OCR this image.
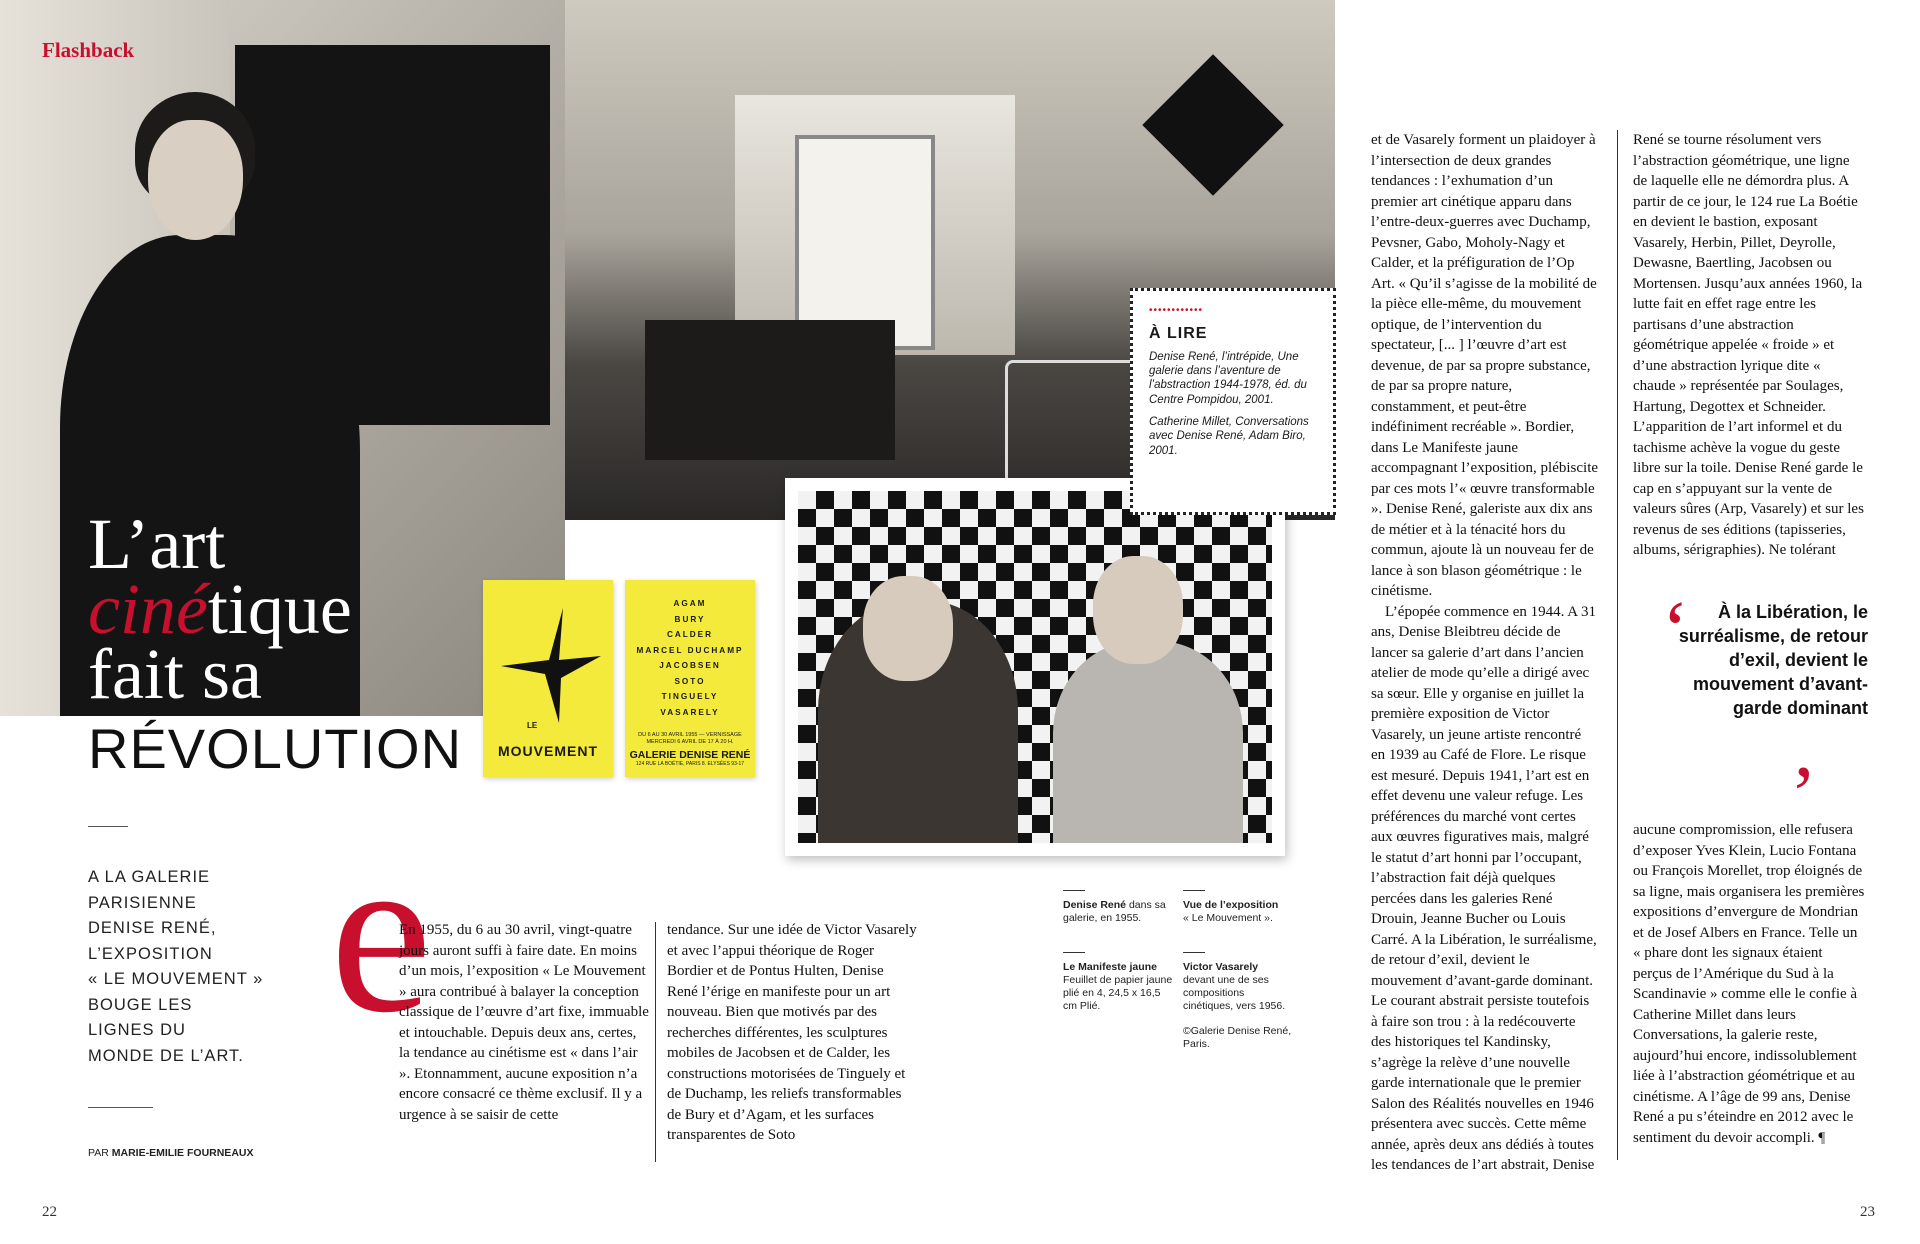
Flashback
••••••••••••
À LIRE

Denise René, l’intrépide, Une galerie dans l’aventure de l’abstraction 1944-1978, éd. du Centre Pompidou, 2001.

Catherine Millet, Conversations avec Denise René, Adam Biro, 2001.

LE
MOUVEMENT
AGAM
BURY
CALDER
MARCEL DUCHAMP
JACOBSEN
SOTO
TINGUELY
VASARELY
DU 6 AU 30 AVRIL 1955 — VERNISSAGE MERCREDI 6 AVRIL DE 17 À 20 H.
GALERIE DENISE RENÉ
124 RUE LA BOÉTIE, PARIS 8. ELYSÉES 93-17
L’art
cinétique
fait sa
RÉVOLUTION
A LA GALERIE
PARISIENNE
DENISE RENÉ,
L’EXPOSITION
« LE MOUVEMENT »
BOUGE LES
LIGNES DU
MONDE DE L’ART.
PAR MARIE-EMILIE FOURNEAUX
e

En 1955, du 6 au 30 avril, vingt-quatre jours auront suffi à faire date. En moins d’un mois, l’exposition « Le Mouvement » aura contribué à balayer la conception classique de l’œuvre d’art fixe, immuable et intouchable. Depuis deux ans, certes, la tendance au cinétisme est « dans l’air ». Etonnamment, aucune exposition n’a encore consacré ce thème exclusif. Il y a urgence à se saisir de cette

tendance. Sur une idée de Victor Vasarely et avec l’appui théorique de Roger Bordier et de Pontus Hulten, Denise René l’érige en manifeste pour un art nouveau. Bien que motivés par des recherches différentes, les sculptures mobiles de Jacobsen et de Calder, les constructions motorisées de Tinguely et de Duchamp, les reliefs transformables de Bury et d’Agam, et les surfaces transparentes de Soto

Denise René dans sa galerie, en 1955.
Vue de l’exposition
« Le Mouvement ».
Le Manifeste jaune
Feuillet de papier jaune plié en 4, 24,5 x 16,5 cm Plié.
Victor Vasarely
devant une de ses compositions cinétiques, vers 1956.
©Galerie Denise René, Paris.

et de Vasarely forment un plaidoyer à l’intersection de deux grandes tendances : l’exhumation d’un premier art cinétique apparu dans l’entre-deux-guerres avec Duchamp, Pevsner, Gabo, Moholy-Nagy et Calder, et la préfiguration de l’Op Art. « Qu’il s’agisse de la mobilité de la pièce elle-même, du mouvement optique, de l’intervention du spectateur, [... ] l’œuvre d’art est devenue, de par sa propre substance, de par sa propre nature, constamment, et peut-être indéfiniment recréable ». Bordier, dans Le Manifeste jaune accompagnant l’exposition, plébiscite par ces mots l’« œuvre transformable ». Denise René, galeriste aux dix ans de métier et à la ténacité hors du commun, ajoute là un nouveau fer de lance à son blason géométrique : le cinétisme.

L’épopée commence en 1944. A 31 ans, Denise Bleibtreu décide de lancer sa galerie d’art dans l’ancien atelier de mode qu’elle a dirigé avec sa sœur. Elle y organise en juillet la première exposition de Victor Vasarely, un jeune artiste rencontré en 1939 au Café de Flore. Le risque est mesuré. Depuis 1941, l’art est en effet devenu une valeur refuge. Les préférences du marché vont certes aux œuvres figuratives mais, malgré le statut d’art honni par l’occupant, l’abstraction fait déjà quelques percées dans les galeries René Drouin, Jeanne Bucher ou Louis Carré. A la Libération, le surréalisme, de retour d’exil, devient le mouvement d’avant-garde dominant. Le courant abstrait persiste toutefois à faire son trou : à la redécouverte des historiques tel Kandinsky, s’agrège la relève d’une nouvelle garde internationale que le premier Salon des Réalités nouvelles en 1946 présentera avec succès. Cette même année, après deux ans dédiés à toutes les tendances de l’art abstrait, Denise

René se tourne résolument vers l’abstraction géométrique, une ligne de laquelle elle ne démordra plus. A partir de ce jour, le 124 rue La Boétie en devient le bastion, exposant Vasarely, Herbin, Pillet, Deyrolle, Dewasne, Baertling, Jacobsen ou Mortensen. Jusqu’aux années 1960, la lutte fait en effet rage entre les partisans d’une abstraction géométrique appelée « froide » et d’une abstraction lyrique dite « chaude » représentée par Soulages, Hartung, Degottex et Schneider. L’apparition de l’art informel et du tachisme achève la vogue du geste libre sur la toile. Denise René garde le cap en s’appuyant sur la vente de valeurs sûres (Arp, Vasarely) et sur les revenus de ses éditions (tapisseries, albums, sérigraphies). Ne tolérant

‘	À la Libération, le surréalisme, de retour d’exil, devient le mouvement d’avant-garde dominant
’

aucune compromission, elle refusera d’exposer Yves Klein, Lucio Fontana ou François Morellet, trop éloignés de sa ligne, mais organisera les premières expositions d’envergure de Mondrian et de Josef Albers en France. Telle un « phare dont les signaux étaient perçus de l’Amérique du Sud à la Scandinavie » comme elle le confie à Catherine Millet dans leurs Conversations, la galerie reste, aujourd’hui encore, indissolublement liée à l’abstraction géométrique et au cinétisme. A l’âge de 99 ans, Denise René a pu s’éteindre en 2012 avec le sentiment du devoir accompli. ¶

22	23
